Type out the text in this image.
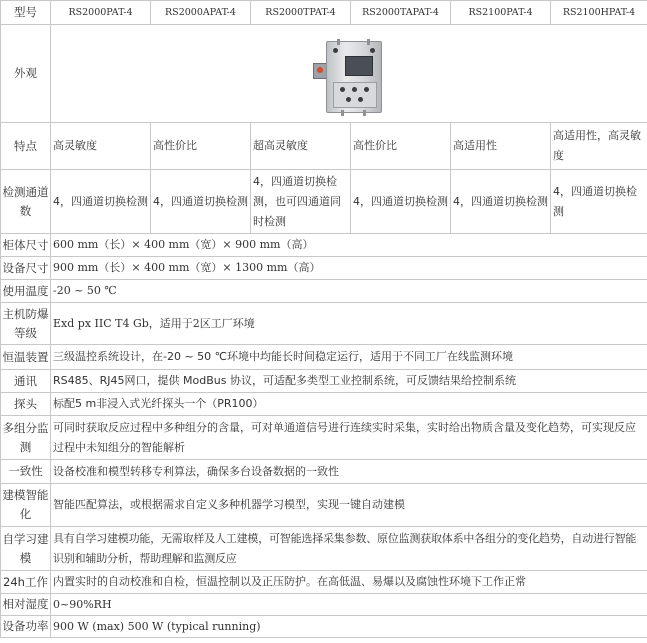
型号	RS2000PAT-4	RS2000APAT-4	RS2000TPAT-4	RS2000TAPAT-4	RS2100PAT-4	RS2100HPAT-4
外观						
特点	高灵敏度	高性价比	超高灵敏度	高性价比	高适用性	高适用性，高灵敏度
检测通道数	4，四通道切换检测	4，四通道切换检测	4，四通道切换检测，也可四通道同时检测	4，四通道切换检测	4，四通道切换检测	4，四通道切换检测
柜体尺寸	600 mm（长）× 400 mm（宽）× 900 mm（高）					
设备尺寸	900 mm（长）× 400 mm（宽）× 1300 mm（高）					
使用温度	-20 ~ 50 ℃					
主机防爆等级	Exd px IIC T4 Gb，适用于2区工厂环境					
恒温装置	三级温控系统设计，在-20 ~ 50 ℃环境中均能长时间稳定运行，适用于不同工厂在线监测环境					
通讯	RS485、RJ45网口，提供 ModBus 协议，可适配多类型工业控制系统，可反馈结果给控制系统					
探头	标配5 m非浸入式光纤探头一个（PR100）					
多组分监测	可同时获取反应过程中多种组分的含量，可对单通道信号进行连续实时采集，实时给出物质含量及变化趋势，可实现反应过程中未知组分的智能解析					
一致性	设备校准和模型转移专利算法，确保多台设备数据的一致性					
建模智能化	智能匹配算法，或根据需求自定义多种机器学习模型，实现一键自动建模					
自学习建模	具有自学习建模功能，无需取样及人工建模，可智能选择采集参数、原位监测获取体系中各组分的变化趋势，自动进行智能识别和辅助分析，帮助理解和监测反应					
24h工作	内置实时的自动校准和自检，恒温控制以及正压防护。在高低温、易爆以及腐蚀性环境下工作正常					
相对湿度	0~90%RH					
设备功率	900 W (max) 500 W (typical running)					
